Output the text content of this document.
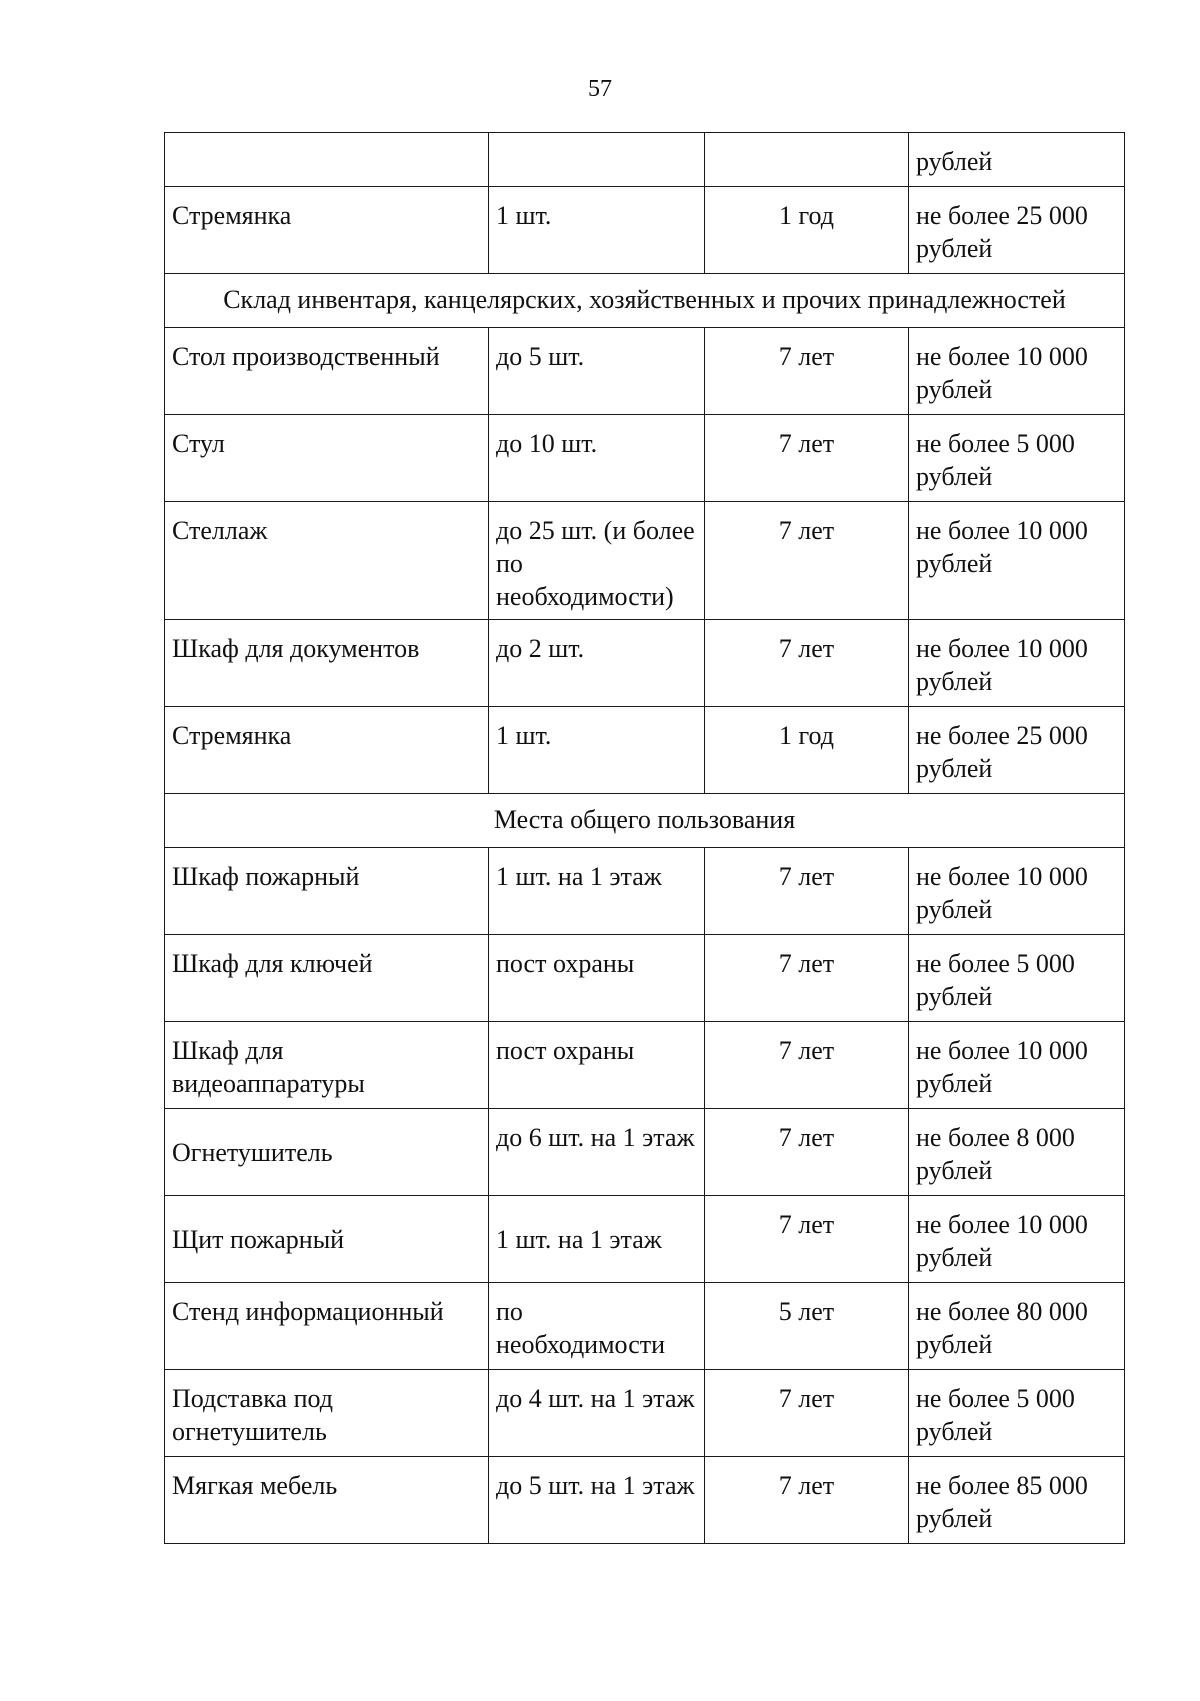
57
			рублей
Стремянка	1 шт.	1 год	не более 25 000 рублей
Склад инвентаря, канцелярских, хозяйственных и прочих принадлежностей			
Стол производственный	до 5 шт.	7 лет	не более 10 000 рублей
Стул	до 10 шт.	7 лет	не более 5 000 рублей
Стеллаж	до 25 шт. (и более по необходимости)	7 лет	не более 10 000 рублей
Шкаф для документов	до 2 шт.	7 лет	не более 10 000 рублей
Стремянка	1 шт.	1 год	не более 25 000 рублей
Места общего пользования			
Шкаф пожарный	1 шт. на 1 этаж	7 лет	не более 10 000 рублей
Шкаф для ключей	пост охраны	7 лет	не более 5 000 рублей
Шкаф для видеоаппаратуры	пост охраны	7 лет	не более 10 000 рублей
Огнетушитель	до 6 шт. на 1 этаж	7 лет	не более 8 000 рублей
Щит пожарный	1 шт. на 1 этаж	7 лет	не более 10 000 рублей
Стенд информационный	по необходимости	5 лет	не более 80 000 рублей
Подставка под огнетушитель	до 4 шт. на 1 этаж	7 лет	не более 5 000 рублей
Мягкая мебель	до 5 шт. на 1 этаж	7 лет	не более 85 000 рублей
